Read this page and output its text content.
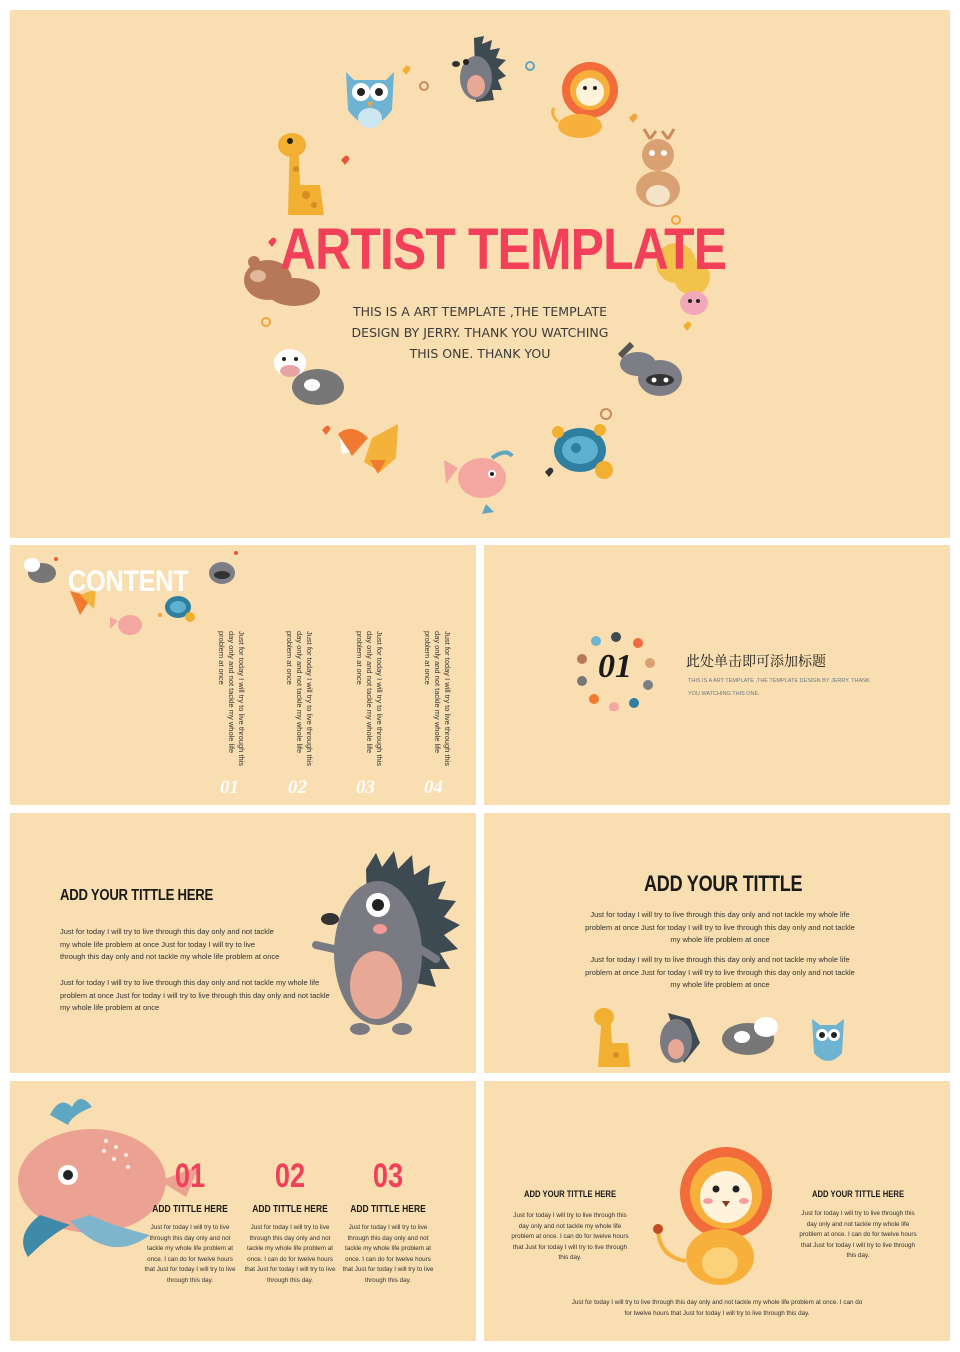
ARTIST TEMPLATE
THIS IS A ART TEMPLATE ,THE TEMPLATE
DESIGN BY JERRY. THANK YOU WATCHING
THIS ONE. THANK YOU
CONTENT
Just for today I will try to live through this day only and not tackle my whole life problem at once
01
Just for today I will try to live through this day only and not tackle my whole life problem at once
02
Just for today I will try to live through this day only and not tackle my whole life problem at once
03
Just for today I will try to live through this day only and not tackle my whole life problem at once
04
01	此处单击即可添加标题
THIS IS A ART TEMPLATE ,THE TEMPLATE DESIGN BY JERRY. THANK
YOU WATCHING THIS ONE.
ADD YOUR TITTLE HERE
Just for today I will try to live through this day only and not tackle my whole life problem at once Just for today I will try to live through this day only and not tackle my whole life problem at once
Just for today I will try to live through this day only and not tackle my whole life problem at once Just for today I will try to live through this day only and not tackle my whole life problem at once
ADD YOUR TITTLE
Just for today I will try to live through this day only and not tackle my whole life problem at once Just for today I will try to live through this day only and not tackle my whole life problem at once
Just for today I will try to live through this day only and not tackle my whole life problem at once Just for today I will try to live through this day only and not tackle my whole life problem at once
01
ADD TITTLE HERE
Just for today I will try to live through this day only and not tackle my whole life problem at once. I can do for twelve hours that Just for today I will try to live through this day.
02
ADD TITTLE HERE
Just for today I will try to live through this day only and not tackle my whole life problem at once. I can do for twelve hours that Just for today I will try to live through this day.
03
ADD TITTLE HERE
Just for today I will try to live through this day only and not tackle my whole life problem at once. I can do for twelve hours that Just for today I will try to live through this day.
ADD YOUR TITTLE HERE
Just for today I will try to live through this day only and not tackle my whole life problem at once. I can do for twelve hours that Just for today I will try to live through this day.
ADD YOUR TITTLE HERE
Just for today I will try to live through this day only and not tackle my whole life problem at once. I can do for twelve hours that Just for today I will try to live through this day.
Just for today I will try to live through this day only and not tackle my whole life problem at once. I can do
for twelve hours that Just for today I will try to live through this day.
